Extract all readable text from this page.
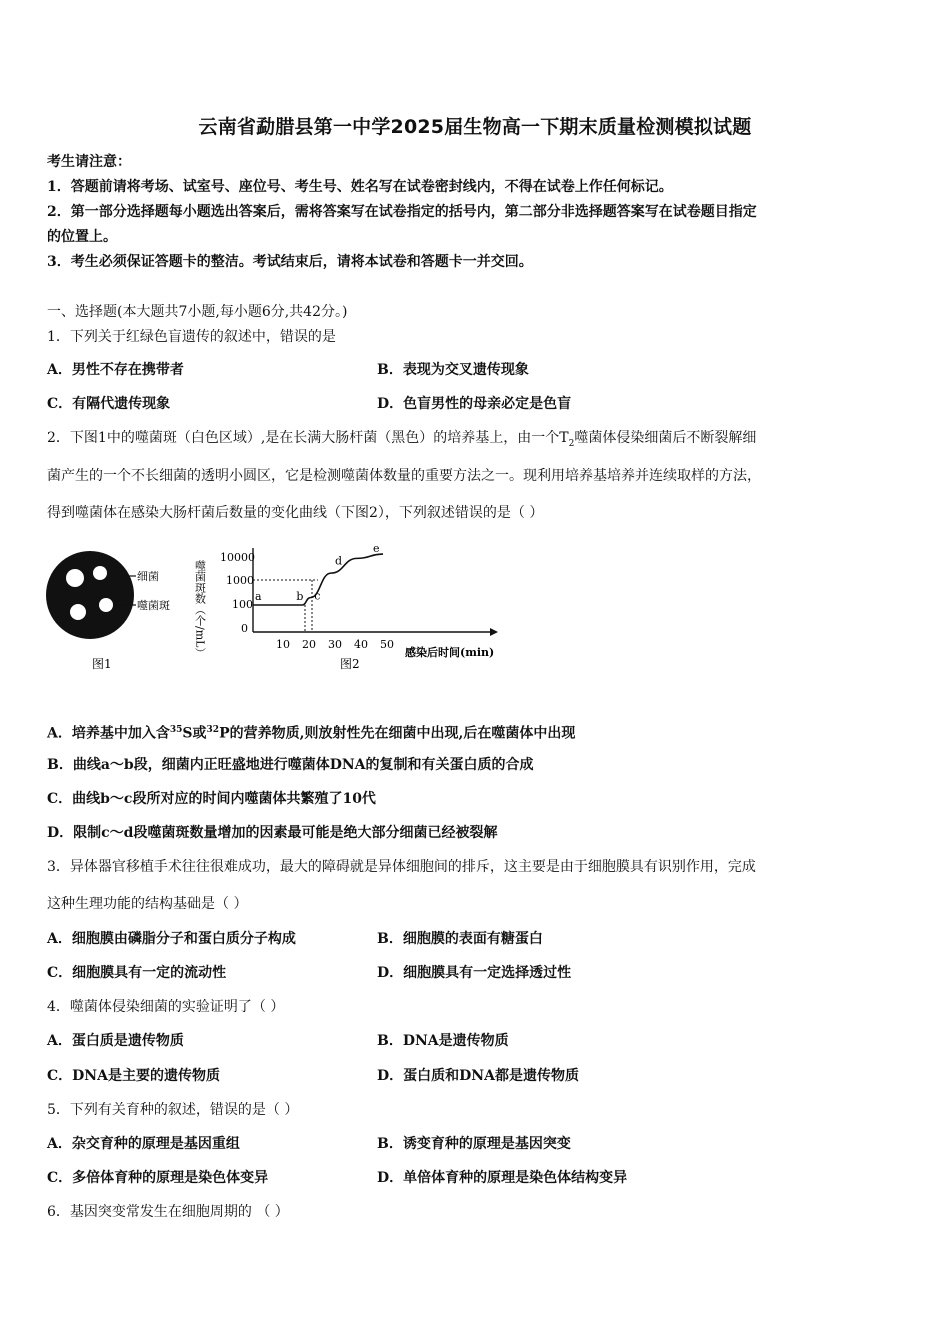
云南省勐腊县第一中学2025届生物高一下期末质量检测模拟试题
考生请注意：
1．答题前请将考场、试室号、座位号、考生号、姓名写在试卷密封线内，不得在试卷上作任何标记。
2．第一部分选择题每小题选出答案后，需将答案写在试卷指定的括号内，第二部分非选择题答案写在试卷题目指定
的位置上。
3．考生必须保证答题卡的整洁。考试结束后，请将本试卷和答题卡一并交回。
一、选择题(本大题共7小题,每小题6分,共42分。)
1．下列关于红绿色盲遗传的叙述中，错误的是
A．男性不存在携带者	B．表现为交叉遗传现象
C．有隔代遗传现象	D．色盲男性的母亲必定是色盲
2．下图1中的噬菌斑（白色区域）,是在长满大肠杆菌（黑色）的培养基上，由一个$T_2$噬菌体侵染细菌后不断裂解细
菌产生的一个不长细菌的透明小圆区，它是检测噬菌体数量的重要方法之一。现利用培养基培养并连续取样的方法，
得到噬菌体在感染大肠杆菌后数量的变化曲线（下图2），下列叙述错误的是（ ）
细菌
噬菌斑
图1
噬菌斑数（个/mL）
10000
1000
100
0
10 20 30 40 50
感染后时间(min)
图2
a	b c
d
e
A．培养基中加入含$^{35}$S或$^{32}$P的营养物质,则放射性先在细菌中出现,后在噬菌体中出现
B．曲线a～b段，细菌内正旺盛地进行噬菌体DNA的复制和有关蛋白质的合成
C．曲线b～c段所对应的时间内噬菌体共繁殖了10代
D．限制c～d段噬菌斑数量增加的因素最可能是绝大部分细菌已经被裂解
3．异体器官移植手术往往很难成功，最大的障碍就是异体细胞间的排斥，这主要是由于细胞膜具有识别作用，完成
这种生理功能的结构基础是（ ）
A．细胞膜由磷脂分子和蛋白质分子构成	B．细胞膜的表面有糖蛋白
C．细胞膜具有一定的流动性	D．细胞膜具有一定选择透过性
4．噬菌体侵染细菌的实验证明了（ ）
A．蛋白质是遗传物质	B．DNA是遗传物质
C．DNA是主要的遗传物质	D．蛋白质和DNA都是遗传物质
5．下列有关育种的叙述，错误的是（ ）
A．杂交育种的原理是基因重组	B．诱变育种的原理是基因突变
C．多倍体育种的原理是染色体变异	D．单倍体育种的原理是染色体结构变异
6．基因突变常发生在细胞周期的 （ ）
